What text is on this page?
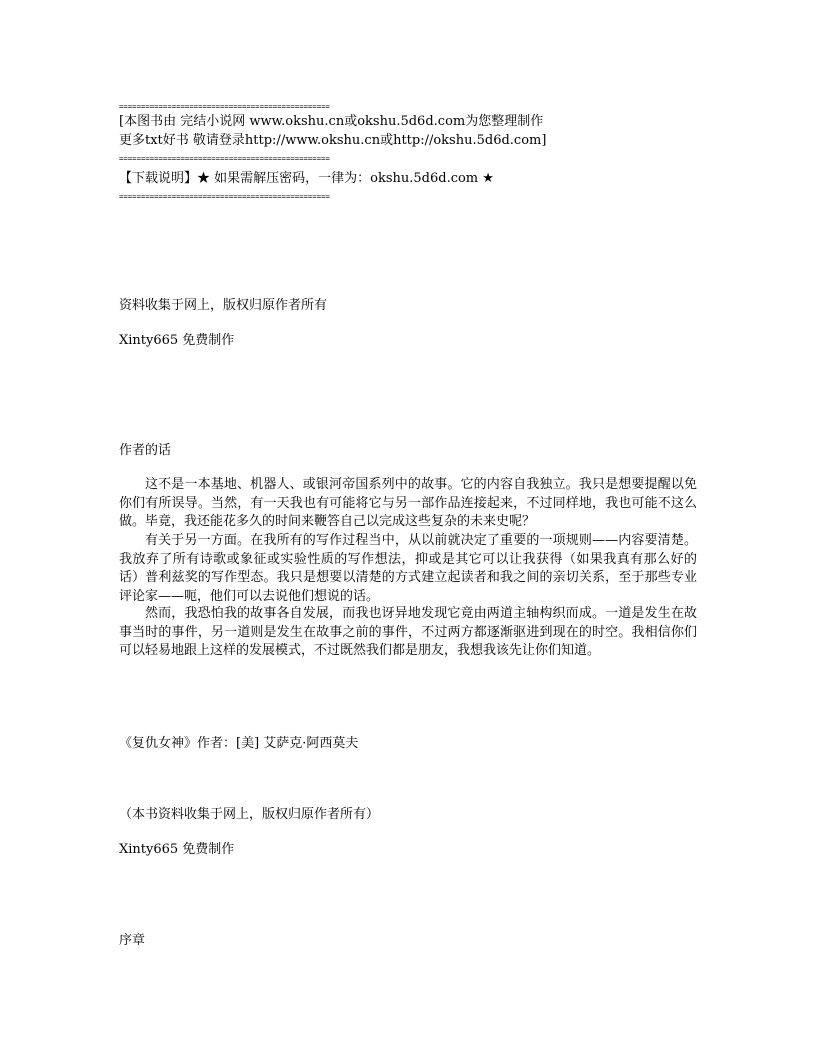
================================================
[本图书由 完结小说网 www.okshu.cn或okshu.5d6d.com为您整理制作
更多txt好书 敬请登录http://www.okshu.cn或http://okshu.5d6d.com]
================================================
【下载说明】★ 如果需解压密码，一律为：okshu.5d6d.com ★
================================================
资料收集于网上，版权归原作者所有
Xinty665 免费制作
作者的话
这不是一本基地、机器人、或银河帝国系列中的故事。它的内容自我独立。我只是想要提醒以免你们有所误导。当然，有一天我也有可能将它与另一部作品连接起来，不过同样地，我也可能不这么做。毕竟，我还能花多久的时间来鞭答自己以完成这些复杂的未来史呢？
有关于另一方面。在我所有的写作过程当中，从以前就决定了重要的一项规则——内容要清楚。我放弃了所有诗歌或象征或实验性质的写作想法，抑或是其它可以让我获得（如果我真有那么好的话）普利兹奖的写作型态。我只是想要以清楚的方式建立起读者和我之间的亲切关系，至于那些专业评论家——呃，他们可以去说他们想说的话。
然而，我恐怕我的故事各自发展，而我也讶异地发现它竟由两道主轴构织而成。一道是发生在故事当时的事件，另一道则是发生在故事之前的事件，不过两方都逐渐驱进到现在的时空。我相信你们可以轻易地跟上这样的发展模式，不过既然我们都是朋友，我想我该先让你们知道。
《复仇女神》作者：[美] 艾萨克·阿西莫夫
（本书资料收集于网上，版权归原作者所有）
Xinty665 免费制作
序章
